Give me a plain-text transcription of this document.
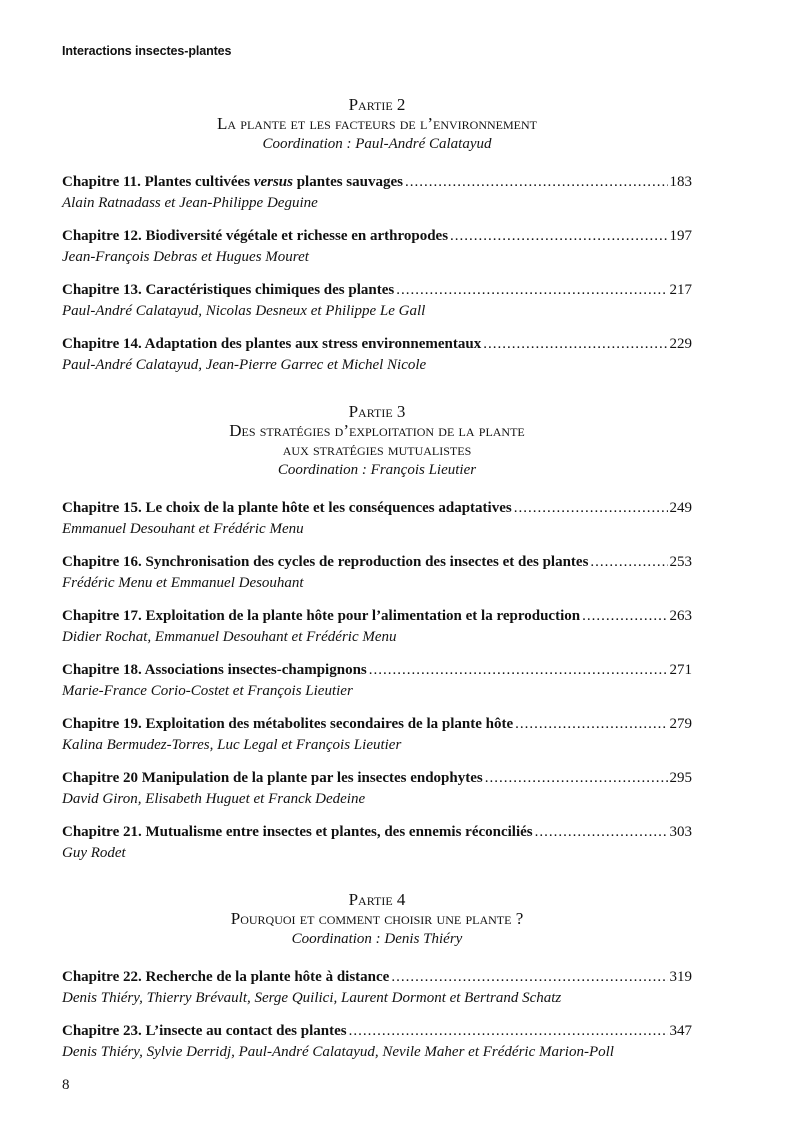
Interactions insectes-plantes
Partie 2
La plante et les facteurs de l’environnement
Coordination : Paul-André Calatayud
Chapitre 11. Plantes cultivées versus plantes sauvages .....	183
Alain Ratnadass et Jean-Philippe Deguine
Chapitre 12. Biodiversité végétale et richesse en arthropodes .....	197
Jean-François Debras et Hugues Mouret
Chapitre 13. Caractéristiques chimiques des plantes .....	217
Paul-André Calatayud, Nicolas Desneux et Philippe Le Gall
Chapitre 14. Adaptation des plantes aux stress environnementaux .....	229
Paul-André Calatayud, Jean-Pierre Garrec et Michel Nicole
Partie 3
Des stratégies d’exploitation de la plante
aux stratégies mutualistes
Coordination : François Lieutier
Chapitre 15. Le choix de la plante hôte et les conséquences adaptatives .....	249
Emmanuel Desouhant et Frédéric Menu
Chapitre 16. Synchronisation des cycles de reproduction des insectes et des plantes .....	253
Frédéric Menu et Emmanuel Desouhant
Chapitre 17. Exploitation de la plante hôte pour l’alimentation et la reproduction .....	263
Didier Rochat, Emmanuel Desouhant et Frédéric Menu
Chapitre 18. Associations insectes-champignons .....	271
Marie-France Corio-Costet et François Lieutier
Chapitre 19. Exploitation des métabolites secondaires de la plante hôte .....	279
Kalina Bermudez-Torres, Luc Legal et François Lieutier
Chapitre 20 Manipulation de la plante par les insectes endophytes .....	295
David Giron, Elisabeth Huguet et Franck Dedeine
Chapitre 21. Mutualisme entre insectes et plantes, des ennemis réconciliés .....	303
Guy Rodet
Partie 4
Pourquoi et comment choisir une plante ?
Coordination : Denis Thiéry
Chapitre 22. Recherche de la plante hôte à distance .....	319
Denis Thiéry, Thierry Brévault, Serge Quilici, Laurent Dormont et Bertrand Schatz
Chapitre 23. L’insecte au contact des plantes .....	347
Denis Thiéry, Sylvie Derridj, Paul-André Calatayud, Nevile Maher et Frédéric Marion-Poll
8
